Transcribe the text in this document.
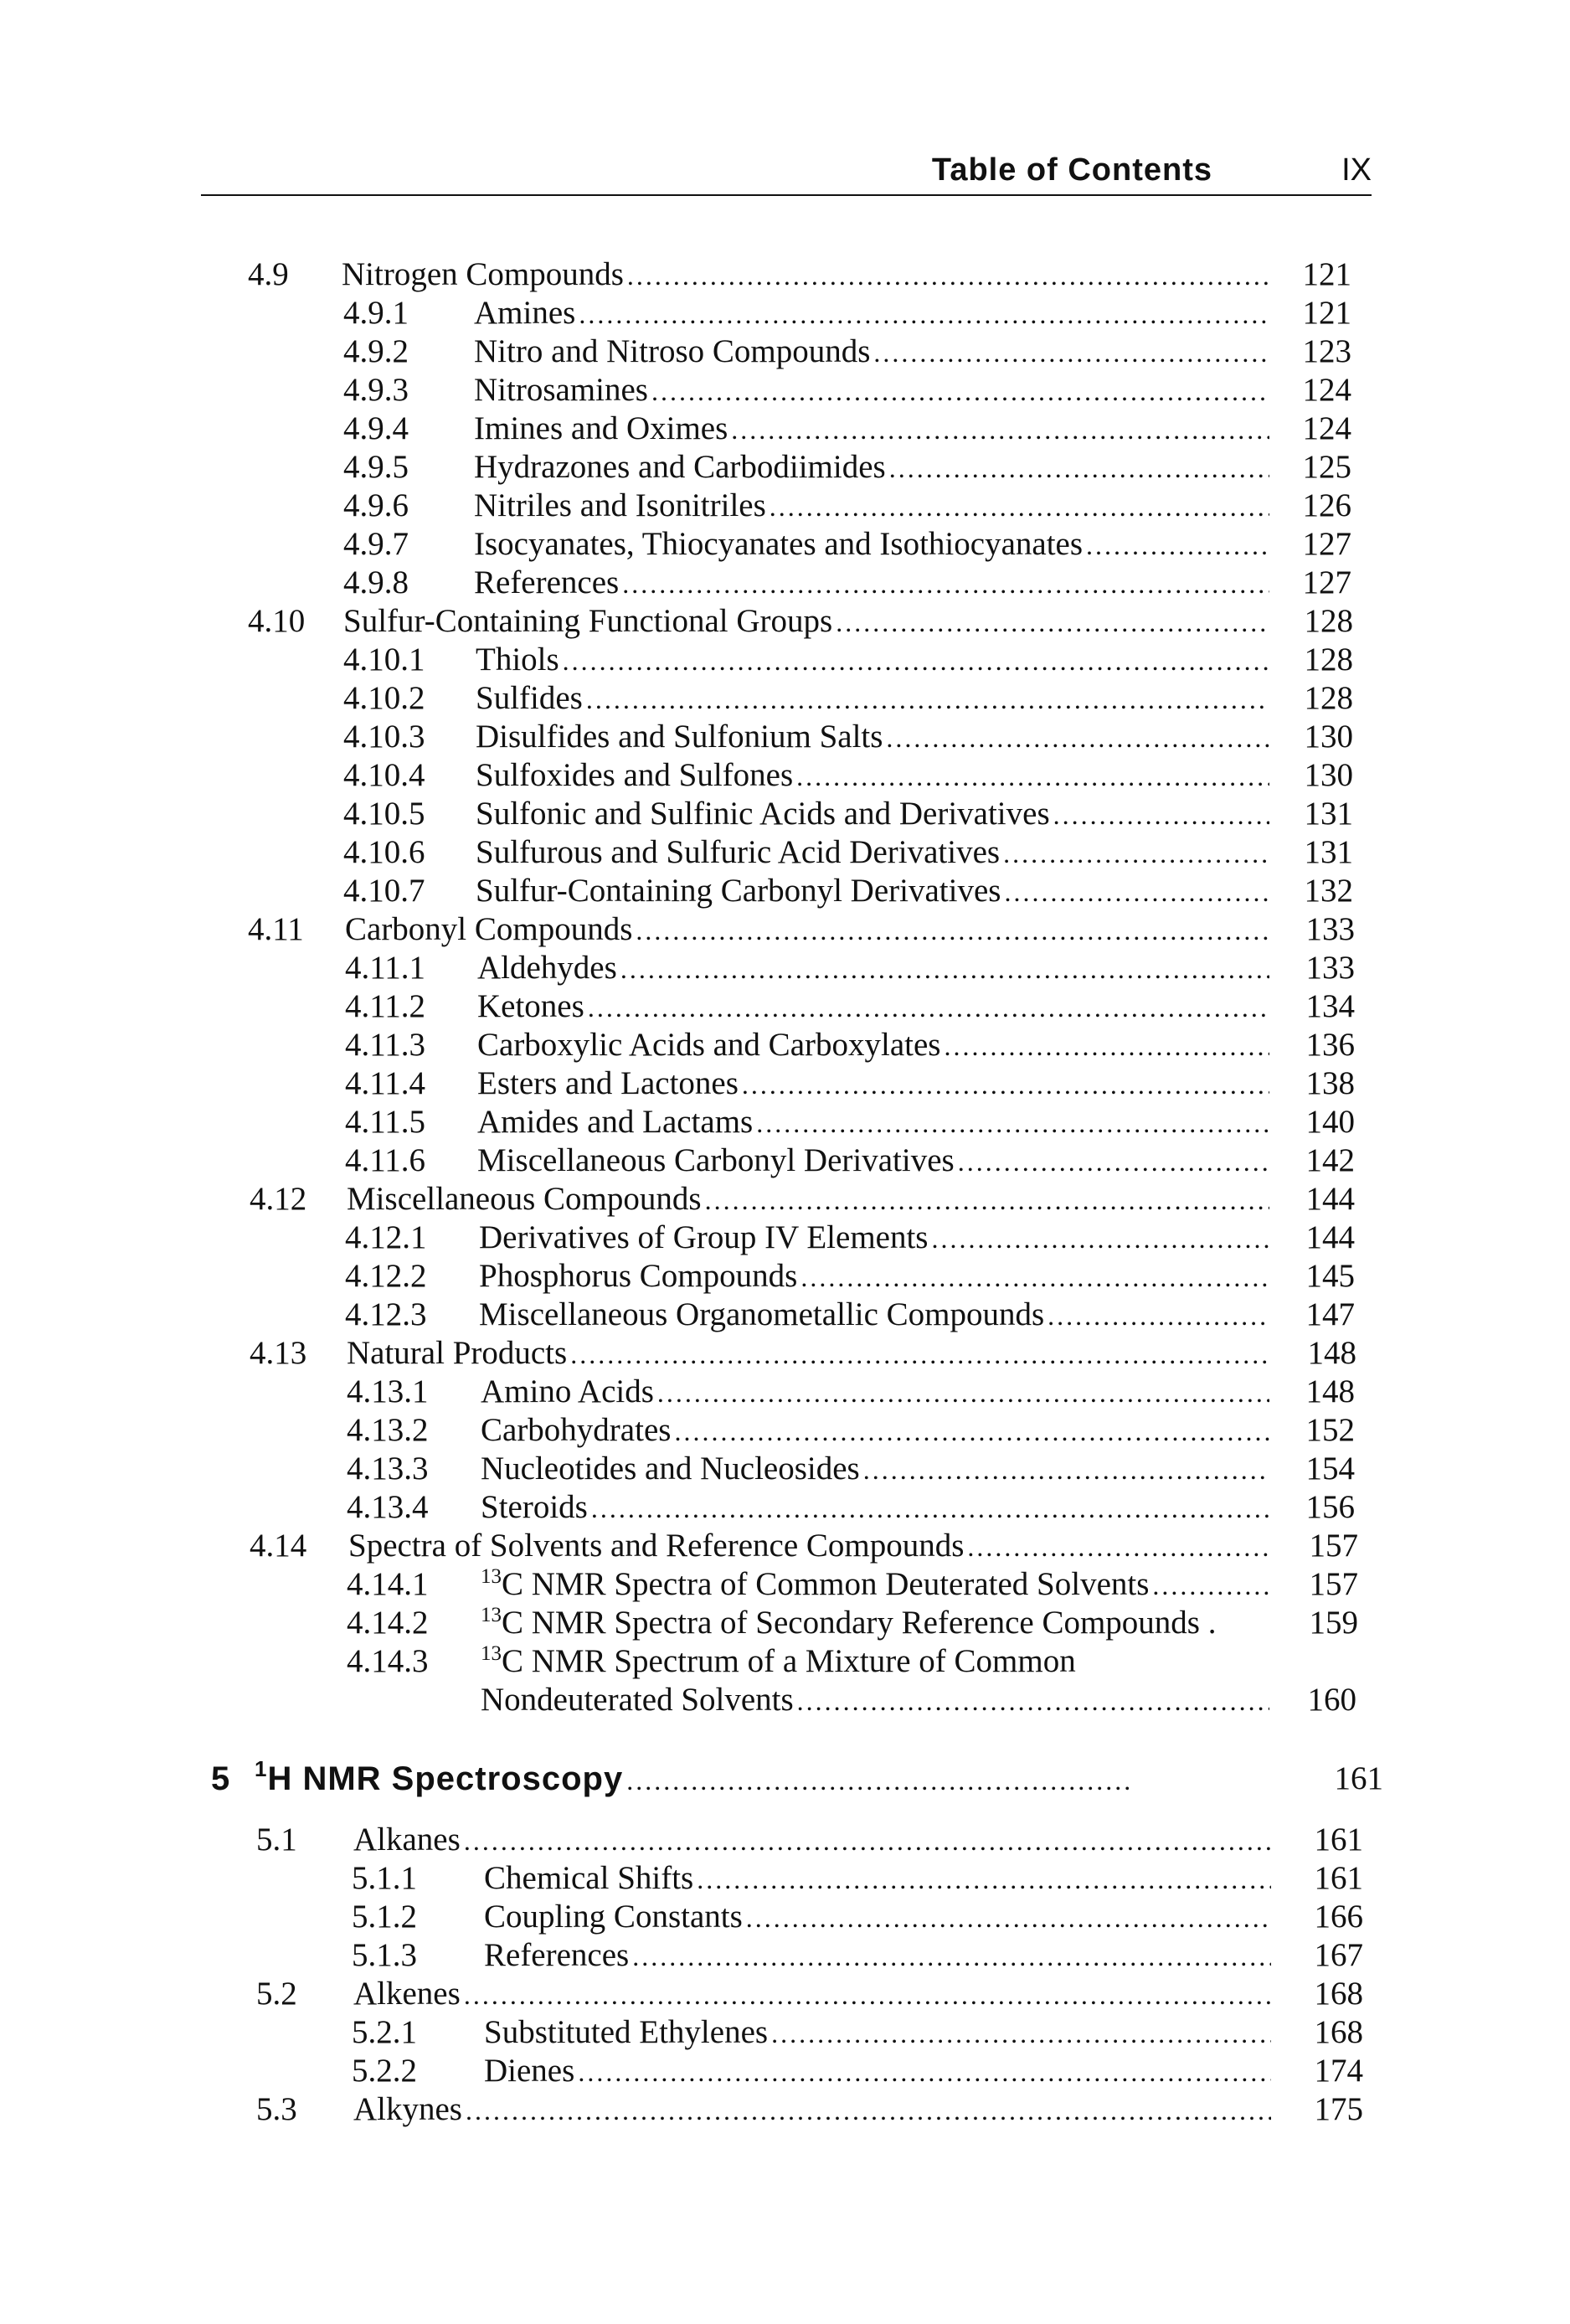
Table of Contents	IX
4.9 Nitrogen Compounds .....	121
4.9.1 Amines .....	121
4.9.2 Nitro and Nitroso Compounds .....	123
4.9.3 Nitrosamines .....	124
4.9.4 Imines and Oximes .....	124
4.9.5 Hydrazones and Carbodiimides .....	125
4.9.6 Nitriles and Isonitriles .....	126
4.9.7 Isocyanates, Thiocyanates and Isothiocyanates .....	127
4.9.8 References .....	127
4.10 Sulfur-Containing Functional Groups .....	128
4.10.1 Thiols .....	128
4.10.2 Sulfides .....	128
4.10.3 Disulfides and Sulfonium Salts .....	130
4.10.4 Sulfoxides and Sulfones .....	130
4.10.5 Sulfonic and Sulfinic Acids and Derivatives .....	131
4.10.6 Sulfurous and Sulfuric Acid Derivatives .....	131
4.10.7 Sulfur-Containing Carbonyl Derivatives .....	132
4.11 Carbonyl Compounds .....	133
4.11.1 Aldehydes .....	133
4.11.2 Ketones .....	134
4.11.3 Carboxylic Acids and Carboxylates .....	136
4.11.4 Esters and Lactones .....	138
4.11.5 Amides and Lactams .....	140
4.11.6 Miscellaneous Carbonyl Derivatives .....	142
4.12 Miscellaneous Compounds .....	144
4.12.1 Derivatives of Group IV Elements .....	144
4.12.2 Phosphorus Compounds .....	145
4.12.3 Miscellaneous Organometallic Compounds .....	147
4.13 Natural Products .....	148
4.13.1 Amino Acids .....	148
4.13.2 Carbohydrates .....	152
4.13.3 Nucleotides and Nucleosides .....	154
4.13.4 Steroids .....	156
4.14 Spectra of Solvents and Reference Compounds .....	157
4.14.1	$^{13}$C NMR Spectra of Common Deuterated Solvents .....	157
4.14.2	$^{13}$C NMR Spectra of Secondary Reference Compounds .	159
4.14.3	$^{13}$C NMR Spectrum of a Mixture of Common
Nondeuterated Solvents .....	160
5 $^1$H NMR Spectroscopy .....	161
5.1 Alkanes .....	161
5.1.1 Chemical Shifts .....	161
5.1.2 Coupling Constants .....	166
5.1.3 References .....	167
5.2 Alkenes .....	168
5.2.1 Substituted Ethylenes .....	168
5.2.2 Dienes .....	174
5.3 Alkynes .....	175
